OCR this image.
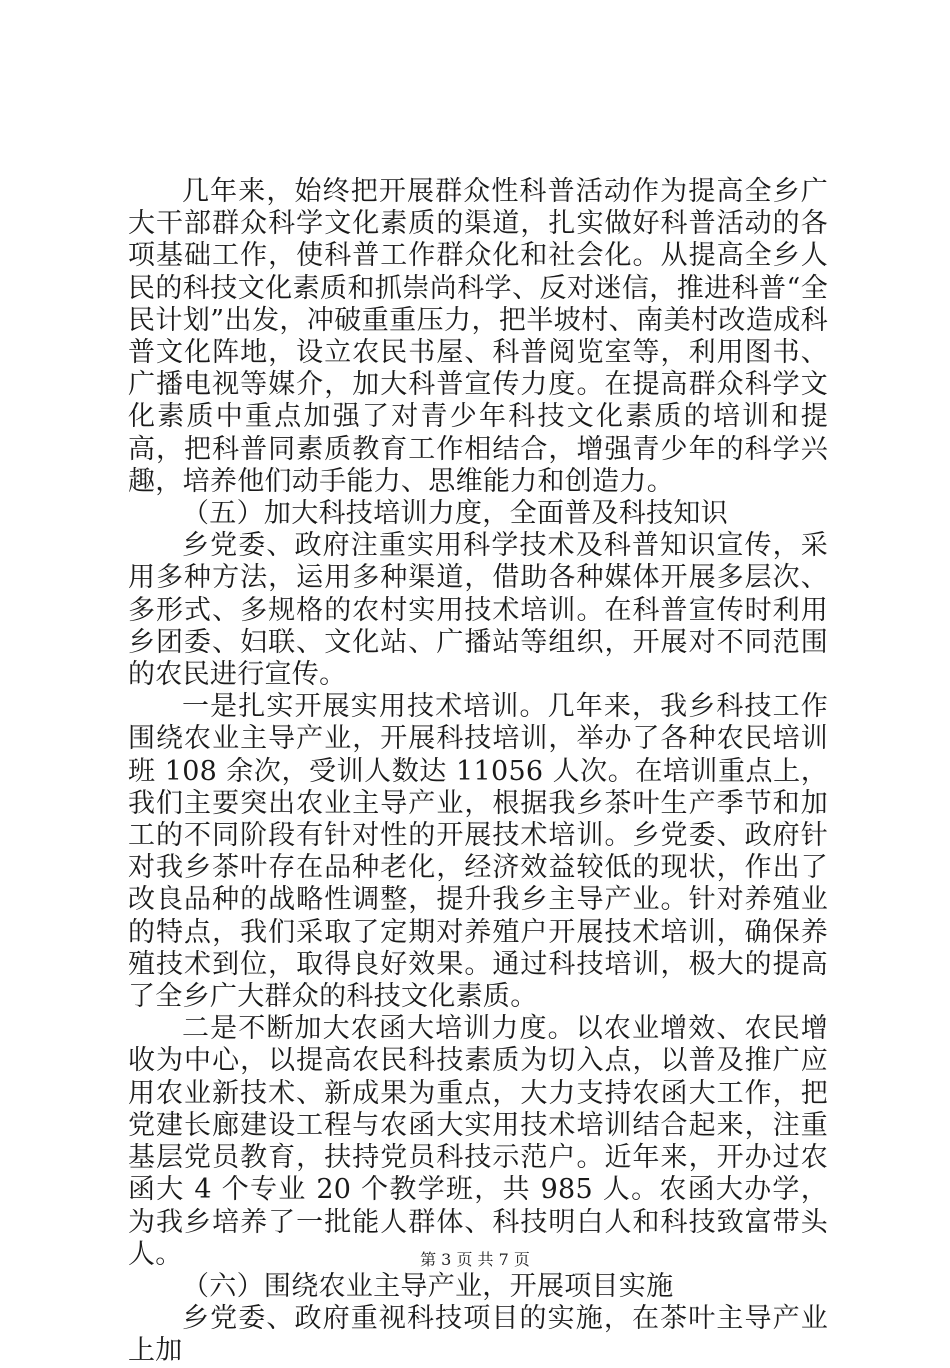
几年来，始终把开展群众性科普活动作为提高全乡广大干部群众科学文化素质的渠道，扎实做好科普活动的各项基础工作，使科普工作群众化和社会化。从提高全乡人民的科技文化素质和抓崇尚科学、反对迷信，推进科普“全民计划”出发，冲破重重压力，把半坡村、南美村改造成科普文化阵地，设立农民书屋、科普阅览室等，利用图书、广播电视等媒介，加大科普宣传力度。在提高群众科学文化素质中重点加强了对青少年科技文化素质的培训和提高，把科普同素质教育工作相结合，增强青少年的科学兴趣，培养他们动手能力、思维能力和创造力。

（五）加大科技培训力度，全面普及科技知识

乡党委、政府注重实用科学技术及科普知识宣传，采用多种方法，运用多种渠道，借助各种媒体开展多层次、多形式、多规格的农村实用技术培训。在科普宣传时利用乡团委、妇联、文化站、广播站等组织，开展对不同范围的农民进行宣传。

一是扎实开展实用技术培训。几年来，我乡科技工作围绕农业主导产业，开展科技培训，举办了各种农民培训班 108 余次，受训人数达 11056 人次。在培训重点上，我们主要突出农业主导产业，根据我乡茶叶生产季节和加工的不同阶段有针对性的开展技术培训。乡党委、政府针对我乡茶叶存在品种老化，经济效益较低的现状，作出了改良品种的战略性调整，提升我乡主导产业。针对养殖业的特点，我们采取了定期对养殖户开展技术培训，确保养殖技术到位，取得良好效果。通过科技培训，极大的提高了全乡广大群众的科技文化素质。

二是不断加大农函大培训力度。以农业增效、农民增收为中心，以提高农民科技素质为切入点，以普及推广应用农业新技术、新成果为重点，大力支持农函大工作，把党建长廊建设工程与农函大实用技术培训结合起来，注重基层党员教育，扶持党员科技示范户。近年来，开办过农函大 4 个专业 20 个教学班，共 985 人。农函大办学，为我乡培养了一批能人群体、科技明白人和科技致富带头人。

（六）围绕农业主导产业，开展项目实施

乡党委、政府重视科技项目的实施，在茶叶主导产业上加

第 3 页 共 7 页
